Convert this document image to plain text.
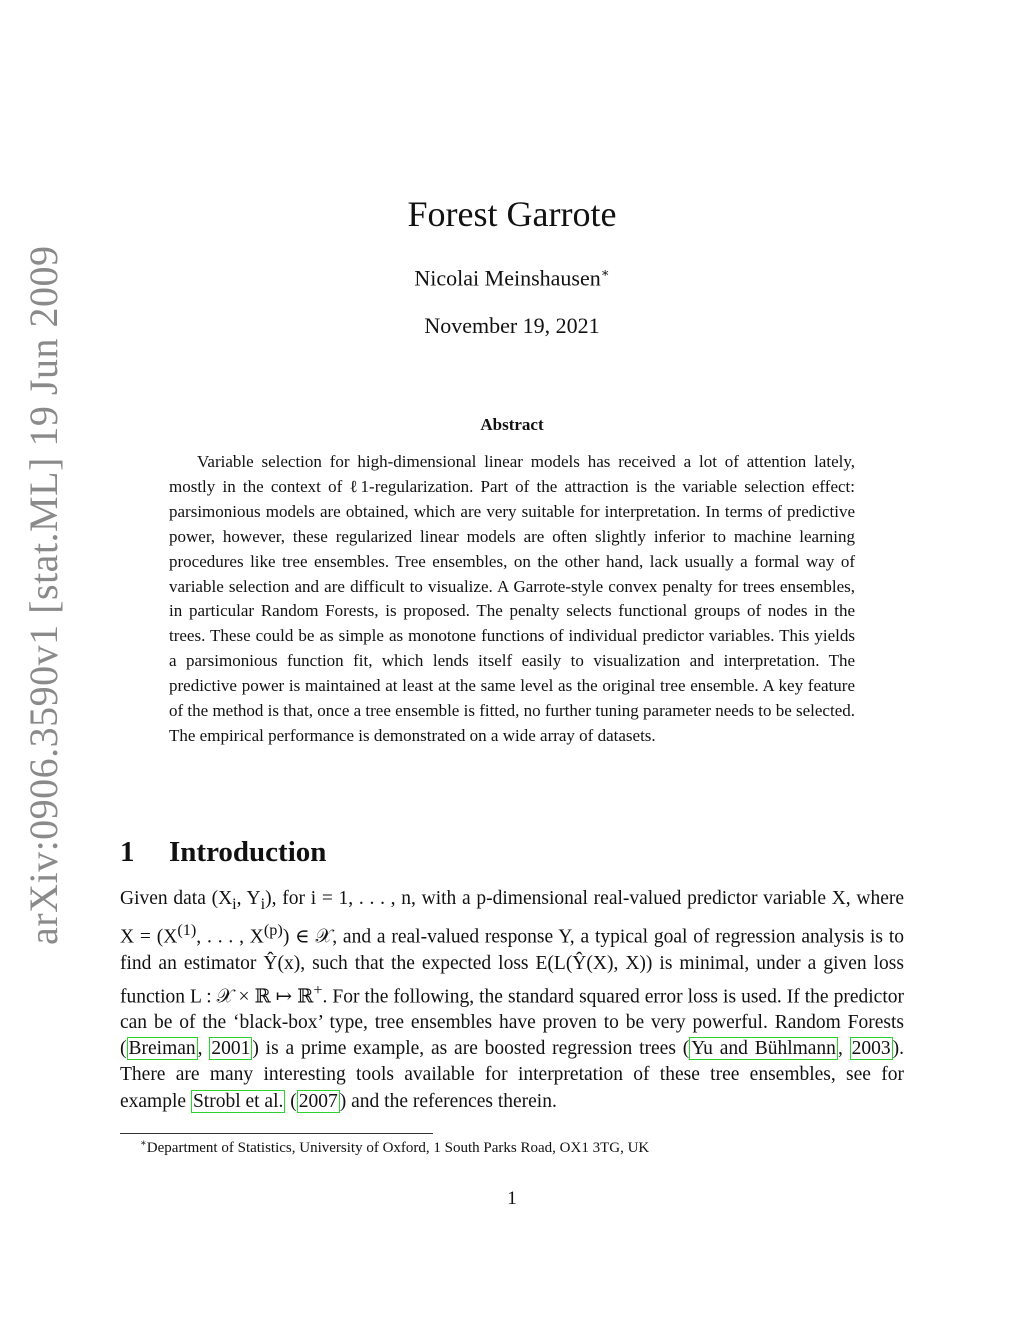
arXiv:0906.3590v1 [stat.ML] 19 Jun 2009
Forest Garrote
Nicolai Meinshausen∗
November 19, 2021
Abstract
Variable selection for high-dimensional linear models has received a lot of attention lately, mostly in the context of ℓ1-regularization. Part of the attraction is the variable selection effect: parsimonious models are obtained, which are very suitable for interpretation. In terms of predictive power, however, these regularized linear models are often slightly inferior to machine learning procedures like tree ensembles. Tree ensembles, on the other hand, lack usually a formal way of variable selection and are difficult to visualize. A Garrote-style convex penalty for trees ensembles, in particular Random Forests, is proposed. The penalty selects functional groups of nodes in the trees. These could be as simple as monotone functions of individual predictor variables. This yields a parsimonious function fit, which lends itself easily to visualization and interpretation. The predictive power is maintained at least at the same level as the original tree ensemble. A key feature of the method is that, once a tree ensemble is fitted, no further tuning parameter needs to be selected. The empirical performance is demonstrated on a wide array of datasets.
1 Introduction
Given data ($X_i$, $Y_i$), for i = 1, . . . , n, with a p-dimensional real-valued predictor variable X, where $X = (X^{(1)}$, . . . , $X^{(p)}$) ∈ 𝒳, and a real-valued response Y, a typical goal of regression analysis is to find an estimator Ŷ(x), such that the expected loss E(L(Ŷ(X), X)) is minimal, under a given loss function L : 𝒳 × ℝ ↦ ℝ+. For the following, the standard squared error loss is used. If the predictor can be of the ‘black-box’ type, tree ensembles have proven to be very powerful. Random Forests ( Breiman , 2001 ) is a prime example, as are boosted regression trees ( Yu and Bühlmann , 2003 ). There are many interesting tools available for interpretation of these tree ensembles, see for example Strobl et al. ( 2007 ) and the references therein.
∗Department of Statistics, University of Oxford, 1 South Parks Road, OX1 3TG, UK
1
